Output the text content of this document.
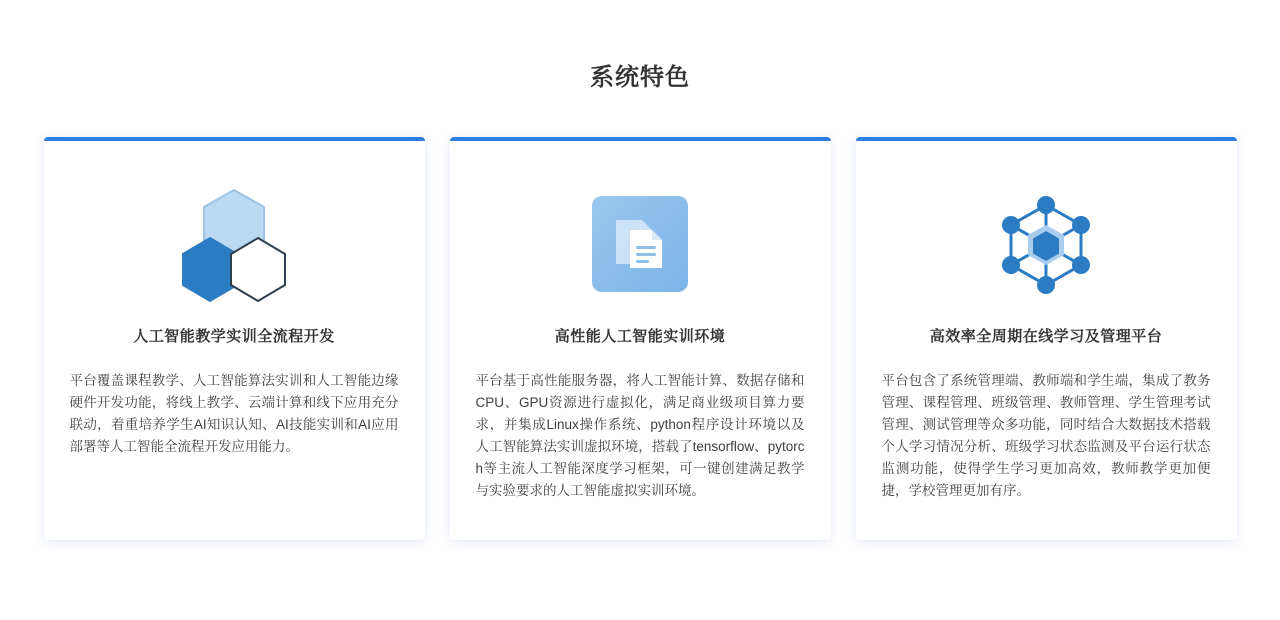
系统特色
人工智能教学实训全流程开发
平台覆盖课程教学、人工智能算法实训和人工智能边缘硬件开发功能，将线上教学、云端计算和线下应用充分联动，着重培养学生AI知识认知、AI技能实训和AI应用部署等人工智能全流程开发应用能力。
高性能人工智能实训环境
平台基于高性能服务器，将人工智能计算、数据存储和CPU、GPU资源进行虚拟化，满足商业级项目算力要求，并集成Linux操作系统、python程序设计环境以及人工智能算法实训虚拟环境，搭载了tensorflow、pytorch等主流人工智能深度学习框架，可一键创建满足教学与实验要求的人工智能虚拟实训环境。
高效率全周期在线学习及管理平台
平台包含了系统管理端、教师端和学生端，集成了教务管理、课程管理、班级管理、教师管理、学生管理考试管理、测试管理等众多功能，同时结合大数据技术搭载个人学习情况分析、班级学习状态监测及平台运行状态监测功能，使得学生学习更加高效，教师教学更加便捷，学校管理更加有序。
